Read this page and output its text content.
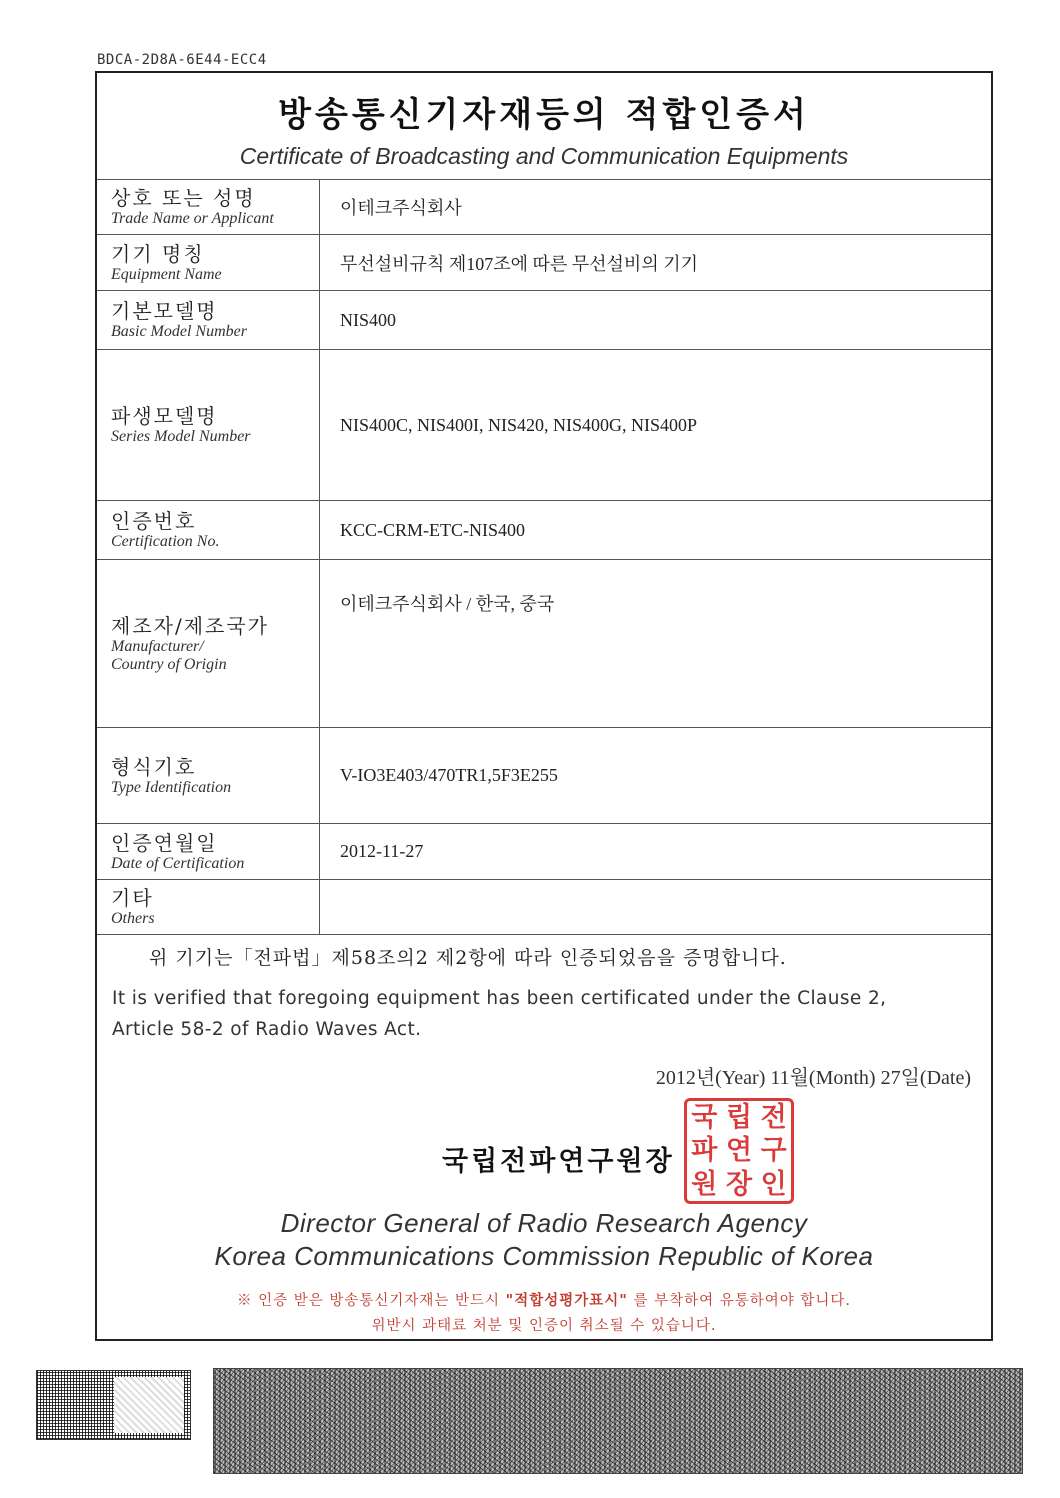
BDCA-2D8A-6E44-ECC4
방송통신기자재등의 적합인증서
Certificate of Broadcasting and Communication Equipments
상호 또는 성명
Trade Name or Applicant	이테크주식회사

기기 명칭
Equipment Name	무선설비규칙 제107조에 따른 무선설비의 기기

기본모델명
Basic Model Number	NIS400

파생모델명
Series Model Number	NIS400C, NIS400I, NIS420, NIS400G, NIS400P

인증번호
Certification No.	KCC-CRM-ETC-NIS400

제조자/제조국가
Manufacturer/
Country of Origin	이테크주식회사 / 한국, 중국

형식기호
Type Identification	V-IO3E403/470TR1,5F3E255

인증연월일
Date of Certification	2012-11-27

기타
Others	

위 기기는「전파법」제58조의2 제2항에 따라 인증되었음을 증명합니다.
It is verified that foregoing equipment has been certificated under the Clause 2,
Article 58-2 of Radio Waves Act.
2012년(Year) 11월(Month) 27일(Date)
국립전파연구원장
국 립 전
파 연 구
원 장 인
Director General of Radio Research Agency
Korea Communications Commission Republic of Korea
※ 인증 받은 방송통신기자재는 반드시 "적합성평가표시" 를 부착하여 유통하여야 합니다.
위반시 과태료 처분 및 인증이 취소될 수 있습니다.
